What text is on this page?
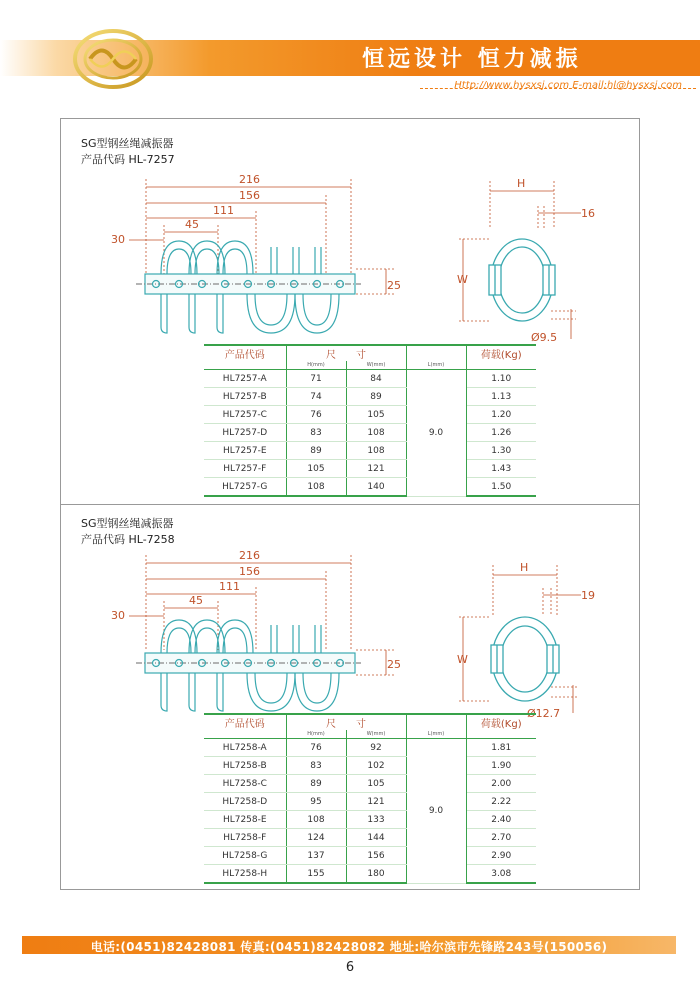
恒远设计 恒力减振
Http://www.hysxsj.com E-mail:hl@hysxsj.com
SG型钢丝绳减振器
产品代码 HL-7257
216
156
111
45
30
25
H
16
W
Ø9.5
产品代码	尺　　寸			荷载(Kg)
	H(mm)	W(mm)	L(mm)	
HL7257-A	71	84	9.0	1.10
HL7257-B	74	89		1.13
HL7257-C	76	105		1.20
HL7257-D	83	108		1.26
HL7257-E	89	108		1.30
HL7257-F	105	121		1.43
HL7257-G	108	140		1.50
SG型钢丝绳减振器
产品代码 HL-7258
216
156
111
45
30
25
H
19
W
Ø12.7
产品代码	尺　　寸			荷载(Kg)
	H(mm)	W(mm)	L(mm)	
HL7258-A	76	92	9.0	1.81
HL7258-B	83	102		1.90
HL7258-C	89	105		2.00
HL7258-D	95	121		2.22
HL7258-E	108	133		2.40
HL7258-F	124	144		2.70
HL7258-G	137	156		2.90
HL7258-H	155	180		3.08
电话:(0451)82428081 传真:(0451)82428082 地址:哈尔滨市先锋路243号(150056)
6
